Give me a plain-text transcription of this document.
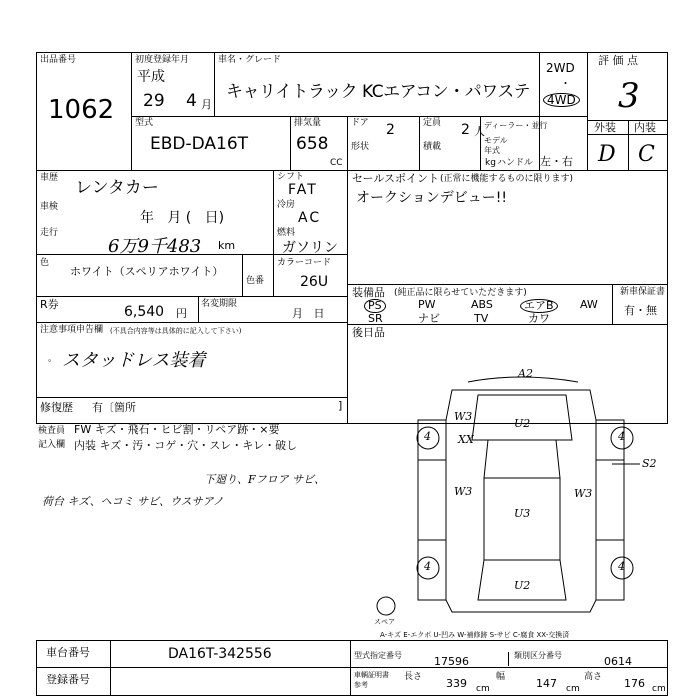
出品番号
1062
初度登録年月
平成
29 4 月
車名・グレード
キャリイトラック KCエアコン・パワステ
2WD
・
4WD
評 価 点
3
外装 内装
D C
型式
EBD-DA16T
排気量
658
CC
ドア 2
形状
定員 2 人
積載
kg
ディーラー・並行
モデル
年式
ハンドル 左・右
車歴 レンタカー
車検
年   月 (   日)
走行
6万9千483 km
シフト
FAT
冷房
AC
燃料
ガソリン
色
ホワイト（スペリアホワイト）
色番
カラーコード
26U
R券	6,540 円
名変期限
月   日
注意事項申告欄 (不具合内容等は具体的に記入して下さい)
スタッドレス装着
。
修復歴 有〔箇所	]
セールスポイント (正常に機能するものに限ります)
オークションデビュー!!
装備品 (純正品に限らせていただきます)
PS	PW	ABS	エアB	AW
SR	ナビ	TV	カワ
新車保証書
有・無
後日品
検査員
記入欄
FW キズ・飛石・ヒビ割・リペア跡・×要
内装 キズ・汚・コゲ・穴・スレ・キレ・破し
下廻り、Fフロア サビ、
荷台 キズ、ヘコミ サビ、ウスサアノ
A2
U2
W3
XX
W3
U3
W3
U2
S2
4	4
4	4
スペア
A-キズ E-エクボ U-凹み W-補修跡 S-サビ C-腐食 XX-交換済
車台番号	DA16T-342556
登録番号
型式指定番号	17596	類別区分番号	0614
車輌証明書
参考
長さ 339 cm
幅	147 cm
高さ 176 cm
